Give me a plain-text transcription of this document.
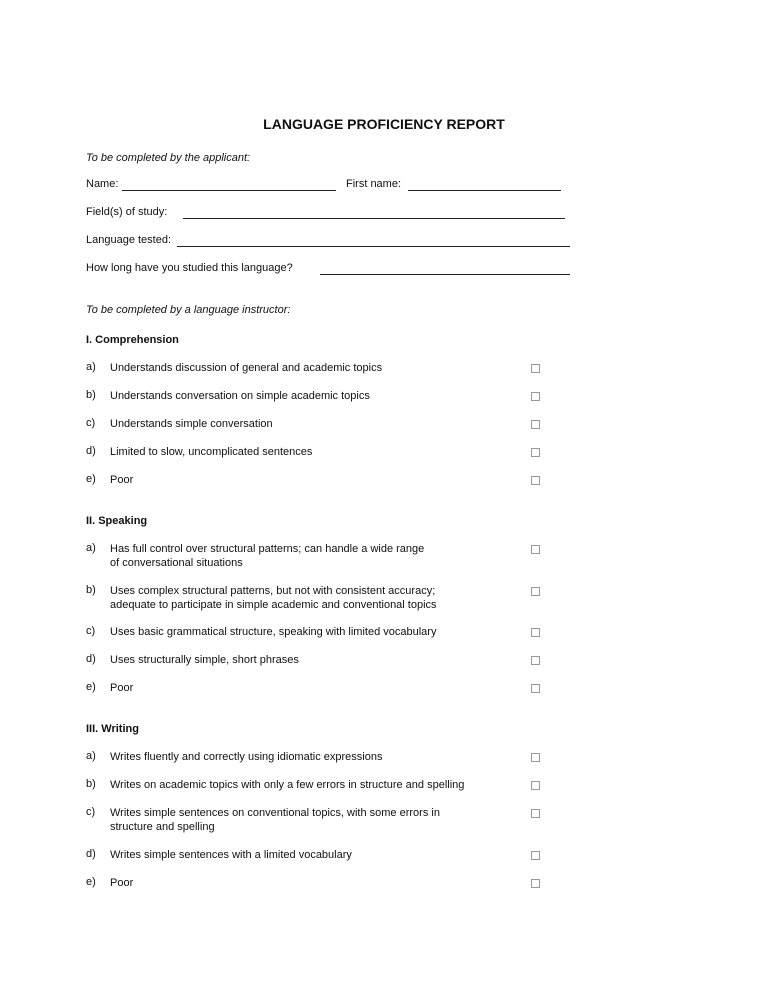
LANGUAGE PROFICIENCY REPORT
To be completed by the applicant:
Name:	First name:
Field(s) of study:
Language tested:
How long have you studied this language?
To be completed by a language instructor:
I. Comprehension
a) Understands discussion of general and academic topics
b) Understands conversation on simple academic topics
c) Understands simple conversation
d) Limited to slow, uncomplicated sentences
e) Poor
II. Speaking
a) Has full control over structural patterns; can handle a wide range
of conversational situations
b) Uses complex structural patterns, but not with consistent accuracy;
adequate to participate in simple academic and conventional topics
c) Uses basic grammatical structure, speaking with limited vocabulary
d) Uses structurally simple, short phrases
e) Poor
III. Writing
a) Writes fluently and correctly using idiomatic expressions
b) Writes on academic topics with only a few errors in structure and spelling
c) Writes simple sentences on conventional topics, with some errors in
structure and spelling
d) Writes simple sentences with a limited vocabulary
e) Poor
